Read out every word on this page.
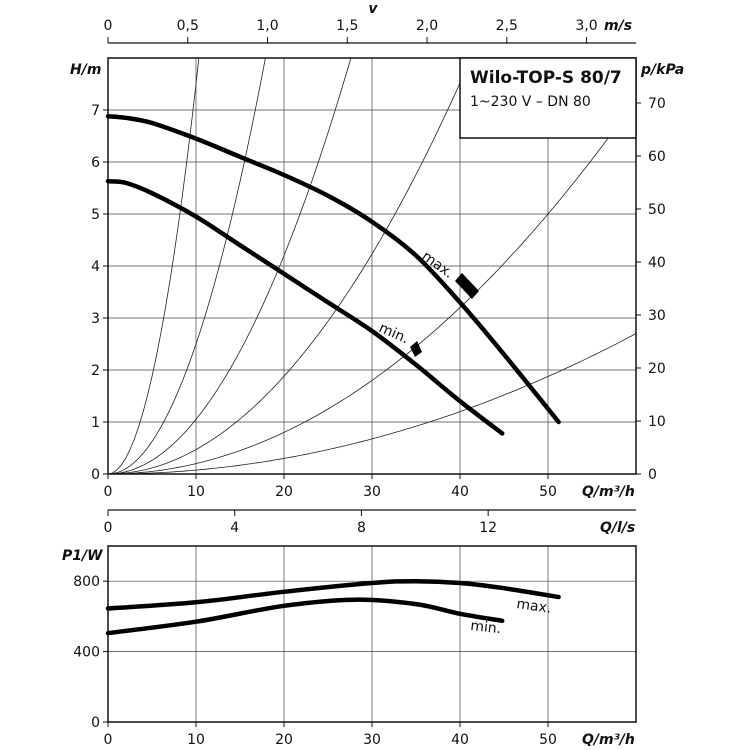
max.
min.
0
1
2
3
4
5
6
7
H/m
0
10
20
30
40
50
60
70
p/kPa
0	10	20	30	40	50 Q/m³/h
0	0,5	1,0	1,5	2,0	2,5	3,0
v
m/s
0	4	8	12	Q/l/s
max.
min.
0
400
800
P1/W
0	10	20	30	40	50 Q/m³/h
Wilo-TOP-S 80/7
1~230 V – DN 80
